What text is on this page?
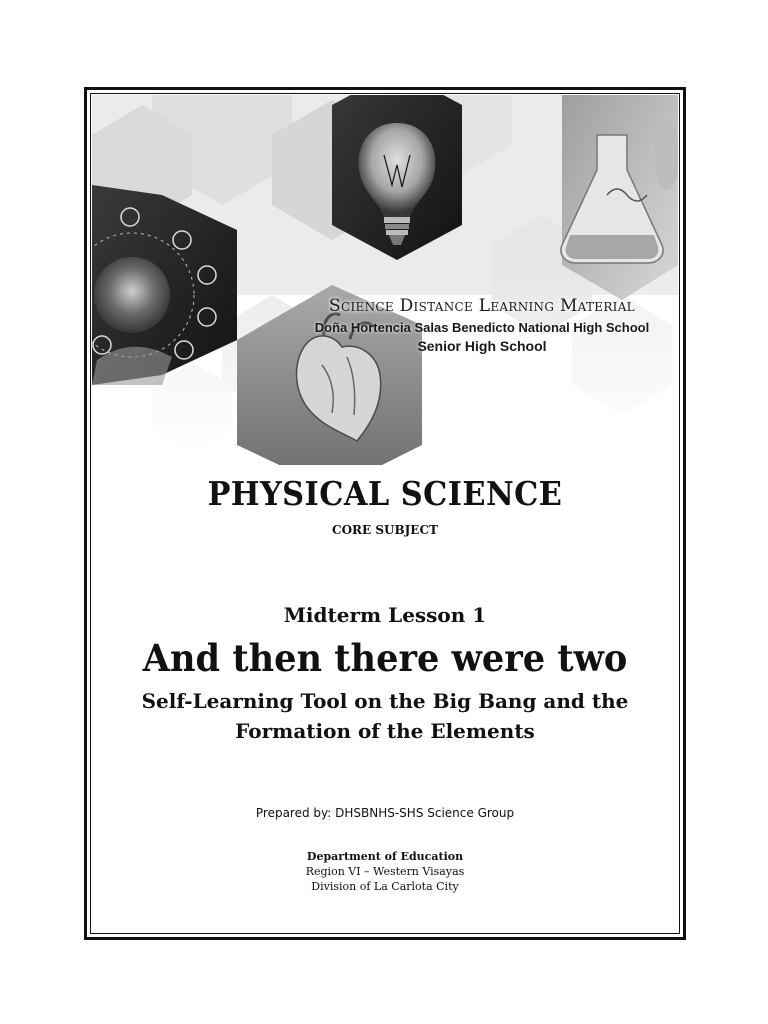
Science Distance Learning Material
Doña Hortencia Salas Benedicto National High School
Senior High School
PHYSICAL SCIENCE
CORE SUBJECT
Midterm Lesson 1
And then there were two
Self-Learning Tool on the Big Bang and the
Formation of the Elements
Prepared by: DHSBNHS-SHS Science Group
Department of Education
Region VI – Western Visayas
Division of La Carlota City
